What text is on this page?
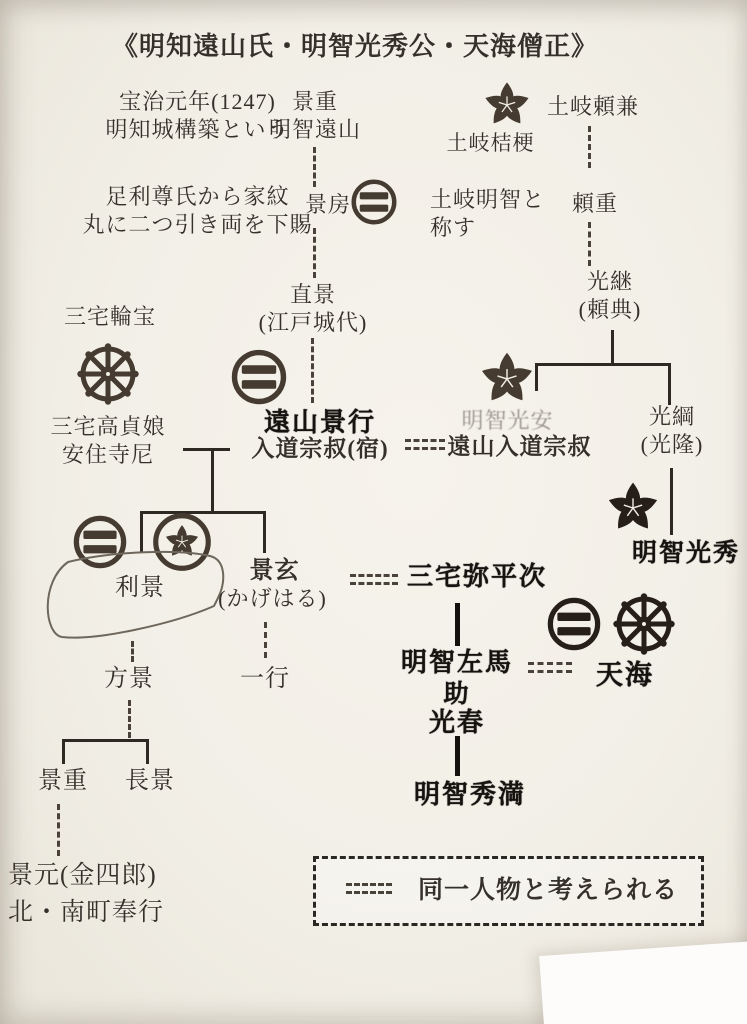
《明知遠山氏・明智光秀公・天海僧正》
宝治元年(1247)
明知城構築という
景重
明智遠山
土岐頼兼
土岐桔梗
足利尊氏から家紋
丸に二つ引き両を下賜
景房	土岐明智と
称す
頼重
光継
(頼典)
直景
(江戸城代)
三宅輪宝
三宅高貞娘
安住寺尼
遠山景行
入道宗叔(宿)
明智光安
遠山入道宗叔
光綱
(光隆)
明智光秀
利景
景玄
(かげはる)
三宅弥平次
明智左馬
助
光春
明智秀満
天海
方景	一行
景重	長景
景元(金四郎)
北・南町奉行
同一人物と考えられる
